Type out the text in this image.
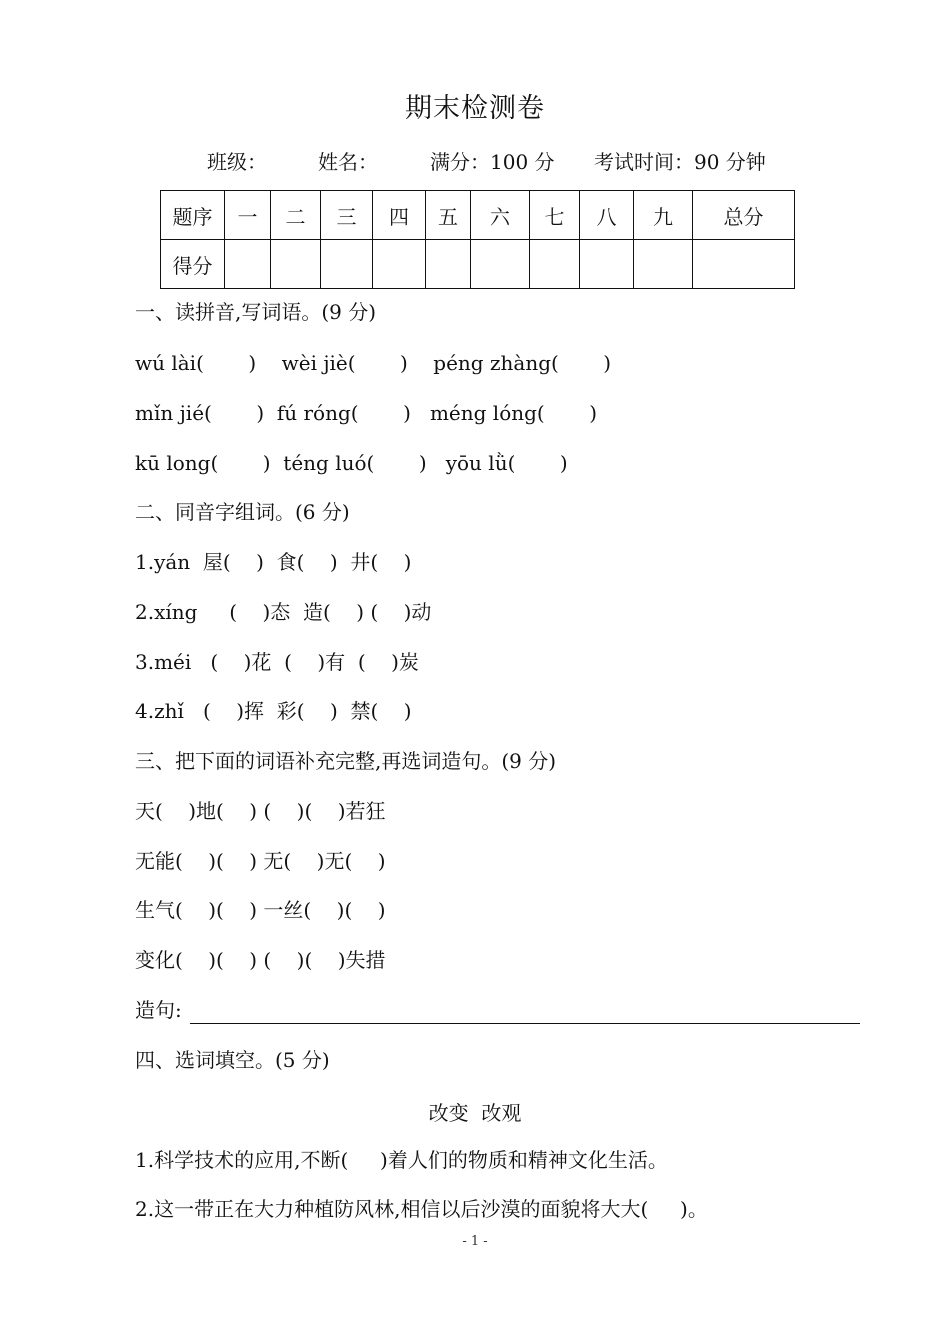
期末检测卷
班级：	姓名：	满分：100 分 考试时间：90 分钟
题序	一	二	三	四	五	六	七	八	九	总分
得分										
一、读拼音,写词语。(9 分)
wú lài(       )    wèi jiè(       )    péng zhàng(       )
mǐn jié(       )  fú róng(       )   méng lóng(       )
kū long(       )  téng luó(       )   yōu lǜ(       )
二、同音字组词。(6 分)
1.yán  屋(    )  食(    )  井(    )
2.xíng     (    )态  造(    ) (    )动
3.méi   (    )花  (    )有  (    )炭
4.zhǐ   (    )挥  彩(    )  禁(    )
三、把下面的词语补充完整,再选词造句。(9 分)
天(    )地(    ) (    )(    )若狂
无能(    )(    ) 无(    )无(    )
生气(    )(    ) 一丝(    )(    )
变化(    )(    ) (    )(    )失措
造句:
四、选词填空。(5 分)
改变  改观
1.科学技术的应用,不断(     )着人们的物质和精神文化生活。
2.这一带正在大力种植防风林,相信以后沙漠的面貌将大大(     )。
- 1 -
